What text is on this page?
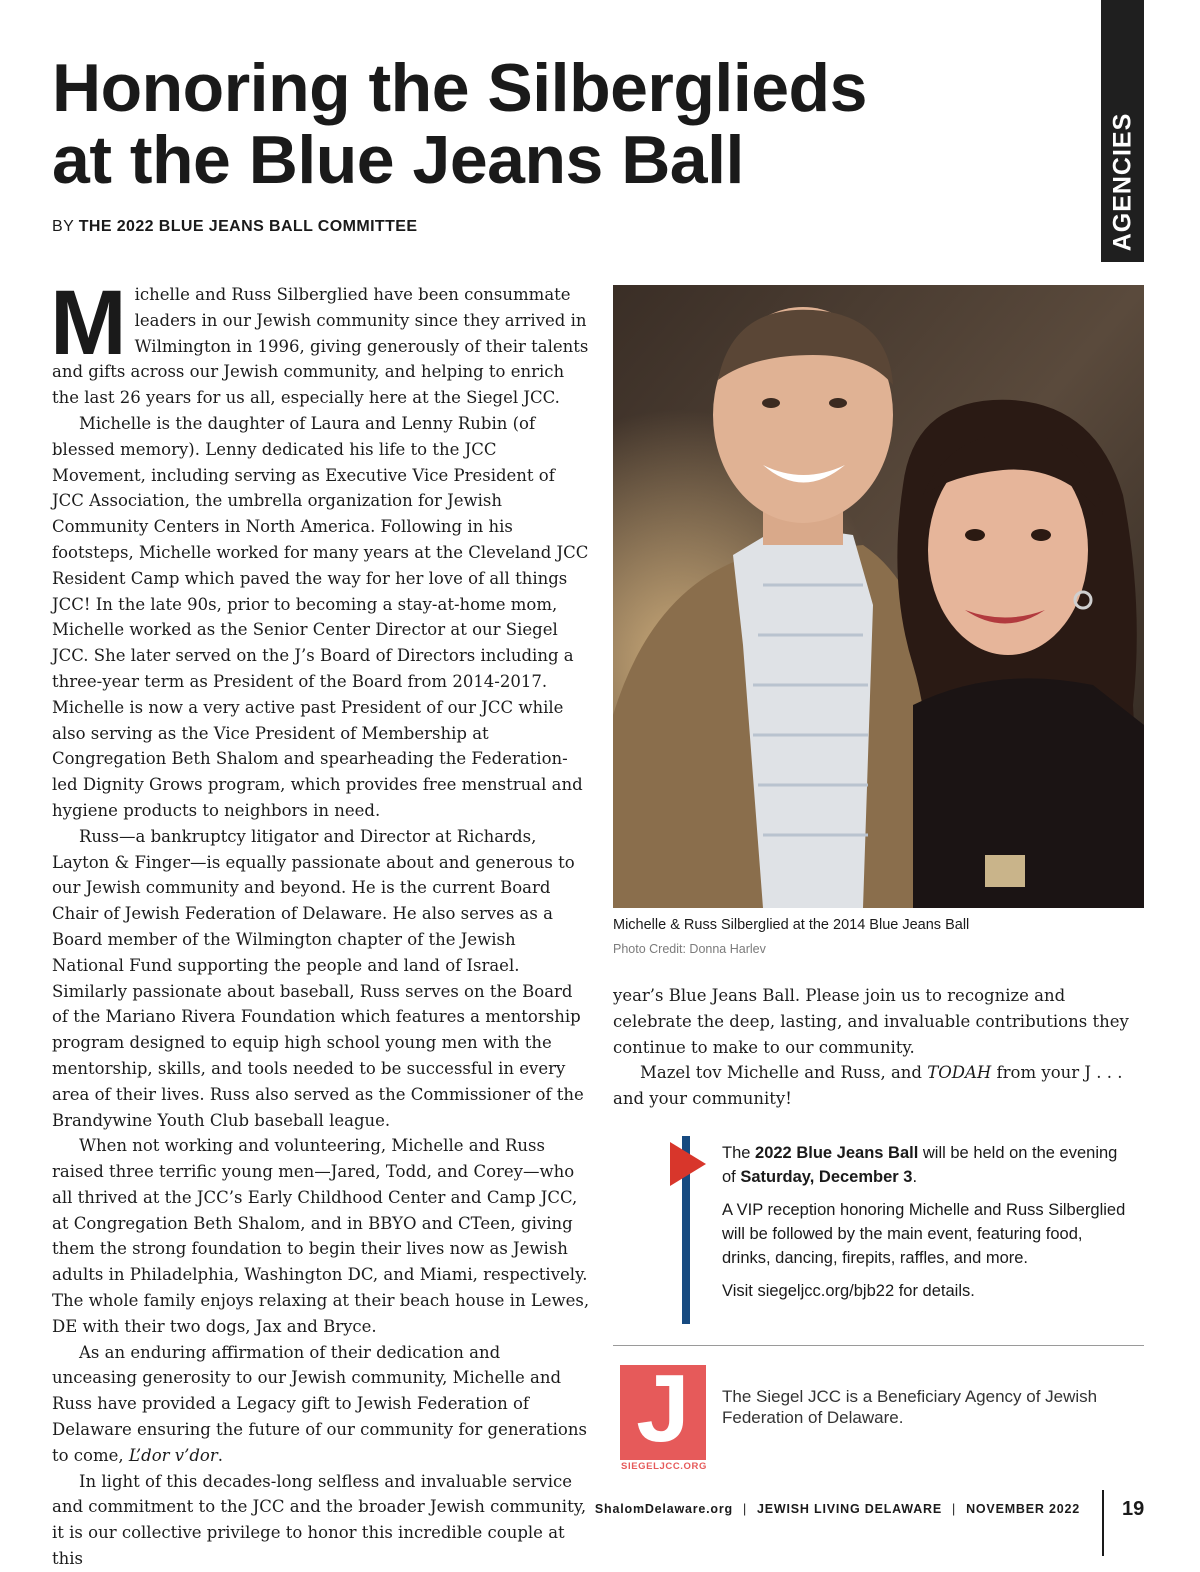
AGENCIES
Honoring the Silberglieds
at the Blue Jeans Ball
BY THE 2022 BLUE JEANS BALL COMMITTEE

Michelle and Russ Silberglied have been consummate leaders in our Jewish community since they arrived in Wilmington in 1996, giving generously of their talents and gifts across our Jewish community, and helping to enrich the last 26 years for us all, especially here at the Siegel JCC.

Michelle is the daughter of Laura and Lenny Rubin (of blessed memory). Lenny dedicated his life to the JCC Movement, including serving as Executive Vice President of JCC Association, the umbrella organization for Jewish Community Centers in North America. Following in his footsteps, Michelle worked for many years at the Cleveland JCC Resident Camp which paved the way for her love of all things JCC! In the late 90s, prior to becoming a stay-at-home mom, Michelle worked as the Senior Center Director at our Siegel JCC. She later served on the J’s Board of Directors including a three-year term as President of the Board from 2014-2017. Michelle is now a very active past President of our JCC while also serving as the Vice President of Membership at Congregation Beth Shalom and spearheading the Federation-led Dignity Grows program, which provides free menstrual and hygiene products to neighbors in need.

Russ—a bankruptcy litigator and Director at Richards, Layton & Finger—is equally passionate about and generous to our Jewish community and beyond. He is the current Board Chair of Jewish Federation of Delaware. He also serves as a Board member of the Wilmington chapter of the Jewish National Fund supporting the people and land of Israel. Similarly passionate about baseball, Russ serves on the Board of the Mariano Rivera Foundation which features a mentorship program designed to equip high school young men with the mentorship, skills, and tools needed to be successful in every area of their lives. Russ also served as the Commissioner of the Brandywine Youth Club baseball league.

When not working and volunteering, Michelle and Russ raised three terrific young men—Jared, Todd, and Corey—who all thrived at the JCC’s Early Childhood Center and Camp JCC, at Congregation Beth Shalom, and in BBYO and CTeen, giving them the strong foundation to begin their lives now as Jewish adults in Philadelphia, Washington DC, and Miami, respectively. The whole family enjoys relaxing at their beach house in Lewes, DE with their two dogs, Jax and Bryce.

As an enduring affirmation of their dedication and unceasing generosity to our Jewish community, Michelle and Russ have provided a Legacy gift to Jewish Federation of Delaware ensuring the future of our community for generations to come, L’dor v’dor.

In light of this decades-long selfless and invaluable service and commitment to the JCC and the broader Jewish community, it is our collective privilege to honor this incredible couple at this

Michelle & Russ Silberglied at the 2014 Blue Jeans Ball
Photo Credit: Donna Harlev

year’s Blue Jeans Ball. Please join us to recognize and celebrate the deep, lasting, and invaluable contributions they continue to make to our community.

Mazel tov Michelle and Russ, and TODAH from your J . . . and your community!

The 2022 Blue Jeans Ball will be held on the evening of Saturday, December 3.

A VIP reception honoring Michelle and Russ Silberglied will be followed by the main event, featuring food, drinks, dancing, firepits, raffles, and more.

Visit siegeljcc.org/bjb22 for details.

J
SIEGELJCC.ORG
The Siegel JCC is a Beneficiary Agency of Jewish Federation of Delaware.
ShalomDelaware.org | JEWISH LIVING DELAWARE | NOVEMBER 2022 19
